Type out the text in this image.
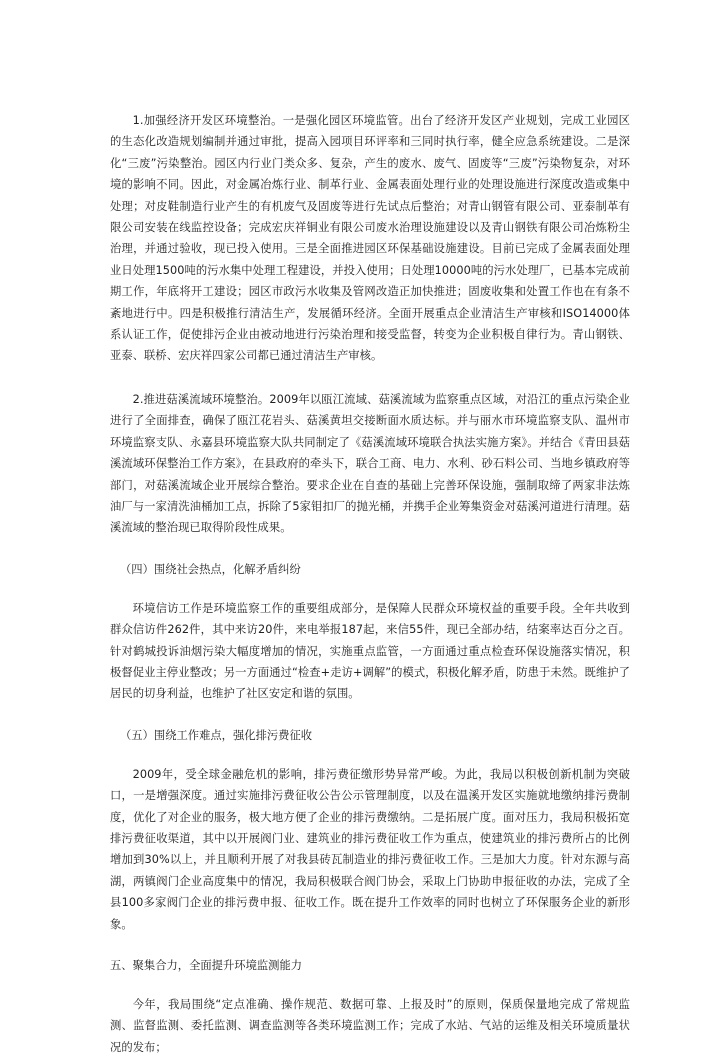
1.加强经济开发区环境整治。一是强化园区环境监管。出台了经济开发区产业规划，完成工业园区的生态化改造规划编制并通过审批，提高入园项目环评率和三同时执行率，健全应急系统建设。二是深化“三废”污染整治。园区内行业门类众多、复杂，产生的废水、废气、固废等“三废”污染物复杂，对环境的影响不同。因此，对金属冶炼行业、制革行业、金属表面处理行业的处理设施进行深度改造或集中处理；对皮鞋制造行业产生的有机废气及固废等进行先试点后整治；对青山钢管有限公司、亚泰制革有限公司安装在线监控设备；完成宏庆祥铜业有限公司废水治理设施建设以及青山钢铁有限公司冶炼粉尘治理，并通过验收，现已投入使用。三是全面推进园区环保基础设施建设。目前已完成了金属表面处理业日处理1500吨的污水集中处理工程建设，并投入使用；日处理10000吨的污水处理厂，已基本完成前期工作，年底将开工建设；园区市政污水收集及管网改造正加快推进；固废收集和处置工作也在有条不紊地进行中。四是积极推行清洁生产，发展循环经济。全面开展重点企业清洁生产审核和ISO14000体系认证工作，促使排污企业由被动地进行污染治理和接受监督，转变为企业积极自律行为。青山钢铁、亚泰、联桥、宏庆祥四家公司都已通过清洁生产审核。

2.推进菇溪流域环境整治。2009年以瓯江流域、菇溪流域为监察重点区域，对沿江的重点污染企业进行了全面排查，确保了瓯江花岩头、菇溪黄坦交接断面水质达标。并与丽水市环境监察支队、温州市环境监察支队、永嘉县环境监察大队共同制定了《菇溪流域环境联合执法实施方案》。并结合《青田县菇溪流域环保整治工作方案》，在县政府的牵头下，联合工商、电力、水利、砂石料公司、当地乡镇政府等部门，对菇溪流域企业开展综合整治。要求企业在自查的基础上完善环保设施，强制取缔了两家非法炼油厂与一家清洗油桶加工点，拆除了5家钼扣厂的抛光桶，并携手企业筹集资金对菇溪河道进行清理。菇溪流域的整治现已取得阶段性成果。

（四）围绕社会热点，化解矛盾纠纷

环境信访工作是环境监察工作的重要组成部分，是保障人民群众环境权益的重要手段。全年共收到群众信访件262件，其中来访20件，来电举报187起，来信55件，现已全部办结，结案率达百分之百。针对鹤城投诉油烟污染大幅度增加的情况，实施重点监管，一方面通过重点检查环保设施落实情况，积极督促业主停业整改；另一方面通过“检查+走访+调解”的模式，积极化解矛盾，防患于未然。既维护了居民的切身利益，也维护了社区安定和谐的氛围。

（五）围绕工作难点，强化排污费征收

2009年，受全球金融危机的影响，排污费征缴形势异常严峻。为此，我局以积极创新机制为突破口，一是增强深度。通过实施排污费征收公告公示管理制度，以及在温溪开发区实施就地缴纳排污费制度，优化了对企业的服务，极大地方便了企业的排污费缴纳。二是拓展广度。面对压力，我局积极拓宽排污费征收渠道，其中以开展阀门业、建筑业的排污费征收工作为重点，使建筑业的排污费所占的比例增加到30%以上，并且顺利开展了对我县砖瓦制造业的排污费征收工作。三是加大力度。针对东源与高湖，两镇阀门企业高度集中的情况，我局积极联合阀门协会，采取上门协助申报征收的办法，完成了全县100多家阀门企业的排污费申报、征收工作。既在提升工作效率的同时也树立了环保服务企业的新形象。

五、聚集合力，全面提升环境监测能力

今年，我局围绕“定点准确、操作规范、数据可靠、上报及时”的原则，保质保量地完成了常规监测、监督监测、委托监测、调查监测等各类环境监测工作；完成了水站、气站的运维及相关环境质量状况的发布；
